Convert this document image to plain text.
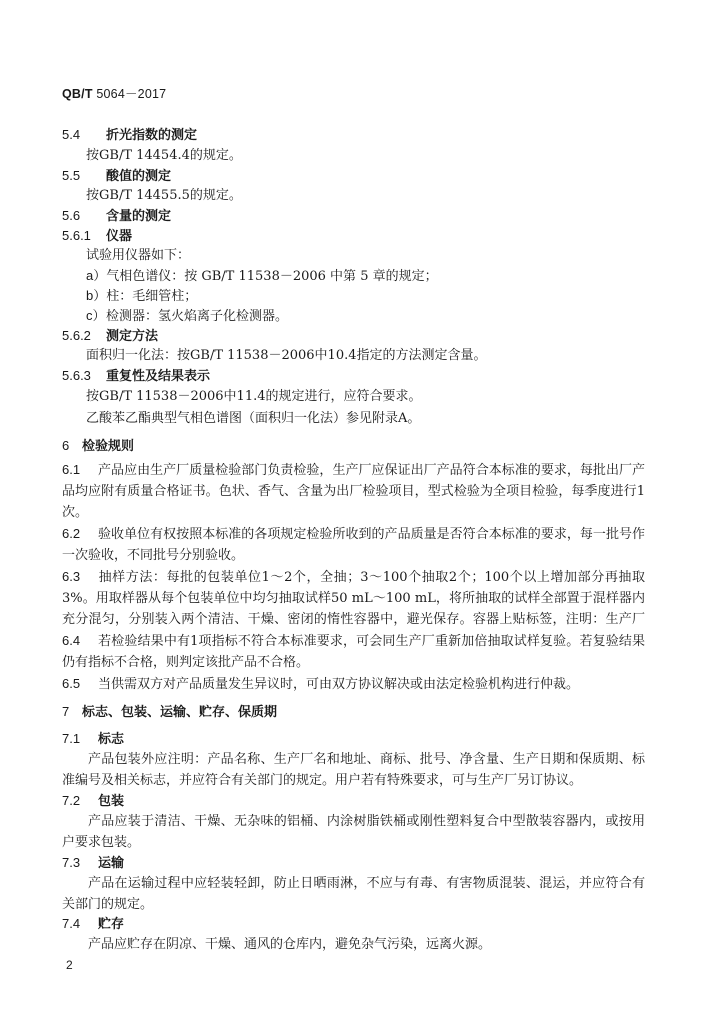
QB/T 5064－2017
5.4 折光指数的测定
按GB/T 14454.4的规定。
5.5 酸值的测定
按GB/T 14455.5的规定。
5.6 含量的测定
5.6.1 仪器
试验用仪器如下：
a）气相色谱仪：按 GB/T 11538－2006 中第 5 章的规定；
b）柱：毛细管柱；
c）检测器：氢火焰离子化检测器。
5.6.2 测定方法
面积归一化法：按GB/T 11538－2006中10.4指定的方法测定含量。
5.6.3 重复性及结果表示
按GB/T 11538－2006中11.4的规定进行，应符合要求。
乙酸苯乙酯典型气相色谱图（面积归一化法）参见附录A。
6 检验规则
6.1 产品应由生产厂质量检验部门负责检验，生产厂应保证出厂产品符合本标准的要求，每批出厂产品均应附有质量合格证书。色状、香气、含量为出厂检验项目，型式检验为全项目检验，每季度进行1次。
6.2 验收单位有权按照本标准的各项规定检验所收到的产品质量是否符合本标准的要求，每一批号作一次验收，不同批号分别验收。
6.3 抽样方法：每批的包装单位1～2个，全抽；3～100个抽取2个；100个以上增加部分再抽取3%。用取样器从每个包装单位中均匀抽取试样50 mL～100 mL，将所抽取的试样全部置于混样器内充分混匀，分别装入两个清洁、干燥、密闭的惰性容器中，避光保存。容器上贴标签，注明：生产厂
6.4 若检验结果中有1项指标不符合本标准要求，可会同生产厂重新加倍抽取试样复验。若复验结果仍有指标不合格，则判定该批产品不合格。
6.5 当供需双方对产品质量发生异议时，可由双方协议解决或由法定检验机构进行仲裁。
7 标志、包装、运输、贮存、保质期
7.1 标志
产品包装外应注明：产品名称、生产厂名和地址、商标、批号、净含量、生产日期和保质期、标准编号及相关标志，并应符合有关部门的规定。用户若有特殊要求，可与生产厂另订协议。
7.2 包装
产品应装于清洁、干燥、无杂味的铝桶、内涂树脂铁桶或刚性塑料复合中型散装容器内，或按用户要求包装。
7.3 运输
产品在运输过程中应轻装轻卸，防止日晒雨淋，不应与有毒、有害物质混装、混运，并应符合有关部门的规定。
7.4 贮存
产品应贮存在阴凉、干燥、通风的仓库内，避免杂气污染，远离火源。
2
